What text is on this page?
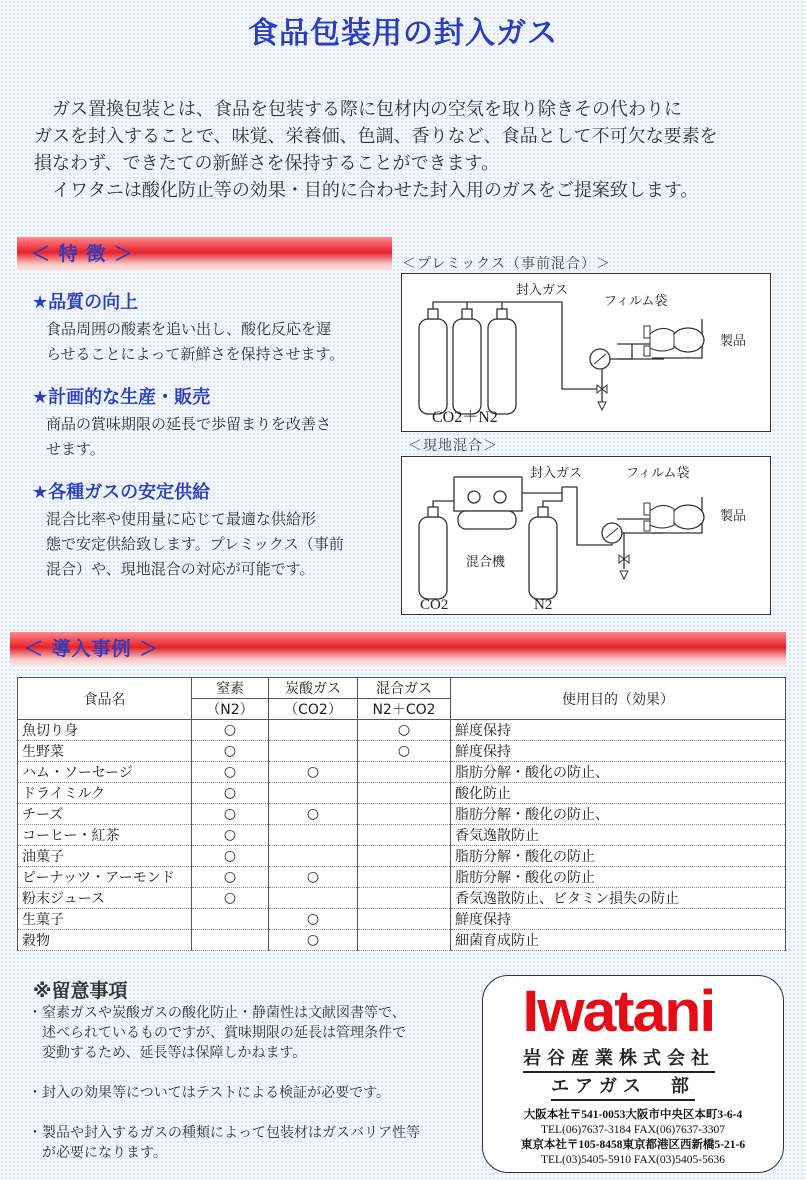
食品包装用の封入ガス

　ガス置換包装とは、食品を包装する際に包材内の空気を取り除きその代わりに

ガスを封入することで、味覚、栄養価、色調、香りなど、食品として不可欠な要素を

損なわず、できたての新鮮さを保持することができます。

　イワタニは酸化防止等の効果・目的に合わせた封入用のガスをご提案致します。

＜ 特 徴 ＞
★品質の向上
食品周囲の酸素を追い出し、酸化反応を遅
らせることによって新鮮さを保持させます。
★計画的な生産・販売
商品の賞味期限の延長で歩留まりを改善さ
せます。
★各種ガスの安定供給
混合比率や使用量に応じて最適な供給形
態で安定供給致します。プレミックス（事前
混合）や、現地混合の対応が可能です。
＜プレミックス（事前混合）＞
封入ガス
フィルム袋
製品
CO2＋N2
＜現地混合＞
封入ガス	フィルム袋
製品
混合機
CO2	N2
＜ 導入事例 ＞
食品名	窒素	炭酸ガス	混合ガス	使用目的（効果）
	（N2）	（CO2）	N2＋CO2	
魚切り身	○		○	鮮度保持
生野菜	○		○	鮮度保持
ハム・ソーセージ	○	○		脂肪分解・酸化の防止、
ドライミルク	○			酸化防止
チーズ	○	○		脂肪分解・酸化の防止、
コーヒー・紅茶	○			香気逸散防止
油菓子	○			脂肪分解・酸化の防止
ピーナッツ・アーモンド	○	○		脂肪分解・酸化の防止
粉末ジュース	○			香気逸散防止、ビタミン損失の防止
生菓子		○		鮮度保持
穀物		○		細菌育成防止
※留意事項
・窒素ガスや炭酸ガスの酸化防止・静菌性は文献図書等で、
　述べられているものですが、賞味期限の延長は管理条件で
　変動するため、延長等は保障しかねます。
・封入の効果等についてはテストによる検証が必要です。
・製品や封入するガスの種類によって包装材はガスバリア性等
　が必要になります。
Iwatani
岩谷産業株式会社
エアガス　部
大阪本社〒541-0053大阪市中央区本町3-6-4
TEL(06)7637-3184 FAX(06)7637-3307
東京本社〒105-8458東京都港区西新橋5-21-6
TEL(03)5405-5910 FAX(03)5405-5636
